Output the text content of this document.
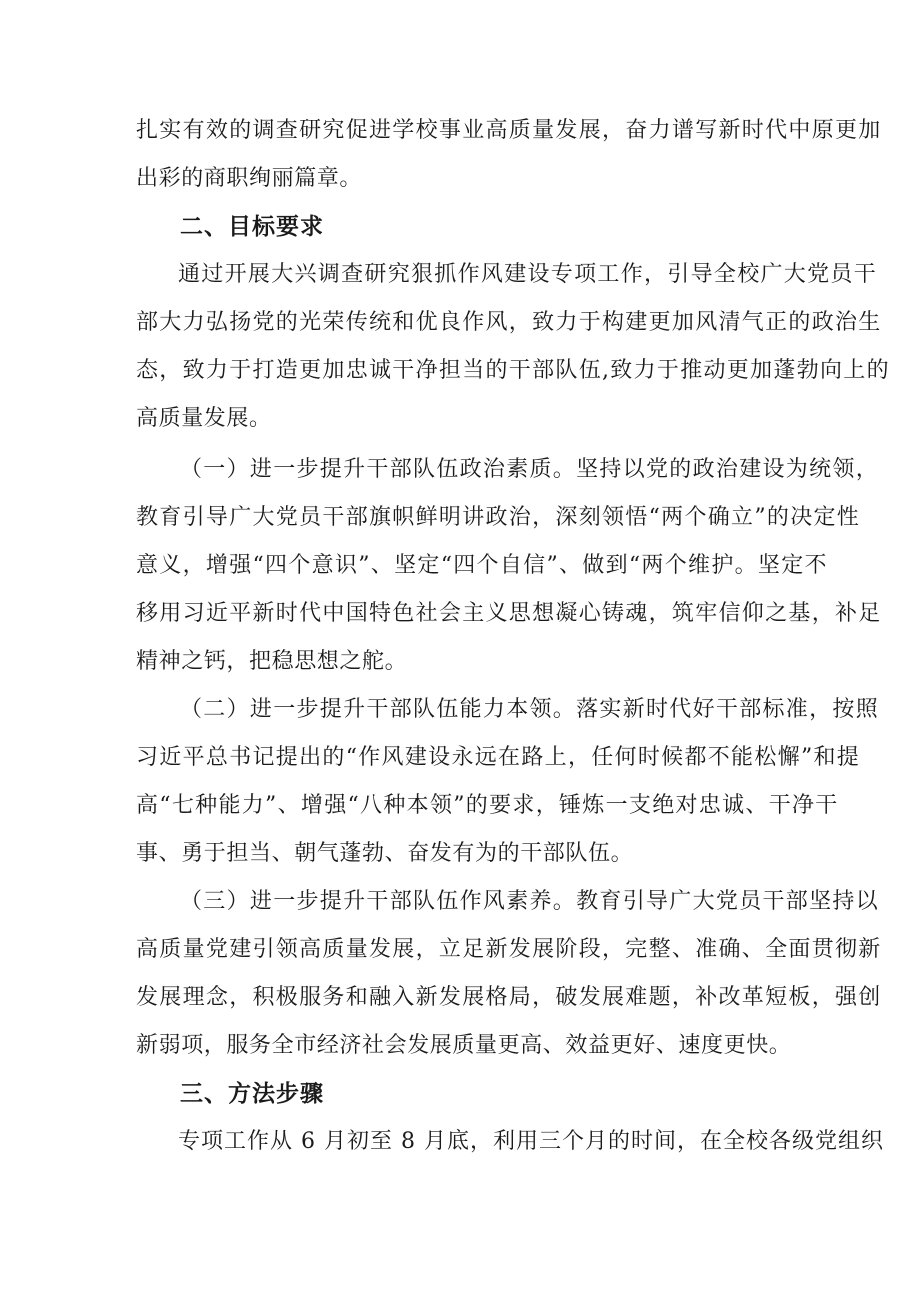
扎实有效的调查研究促进学校事业高质量发展，奋力谱写新时代中原更加
出彩的商职绚丽篇章。
二、目标要求
通过开展大兴调查研究狠抓作风建设专项工作，引导全校广大党员干
部大力弘扬党的光荣传统和优良作风，致力于构建更加风清气正的政治生
态，致力于打造更加忠诚干净担当的干部队伍,致力于推动更加蓬勃向上的
高质量发展。
（一）进一步提升干部队伍政治素质。坚持以党的政治建设为统领，
教育引导广大党员干部旗帜鲜明讲政治，深刻领悟“两个确立”的决定性
意义，增强“四个意识”、坚定“四个自信”、做到“两个维护。坚定不
移用习近平新时代中国特色社会主义思想凝心铸魂，筑牢信仰之基，补足
精神之钙，把稳思想之舵。
（二）进一步提升干部队伍能力本领。落实新时代好干部标准，按照
习近平总书记提出的“作风建设永远在路上，任何时候都不能松懈”和提
高“七种能力”、增强“八种本领”的要求，锤炼一支绝对忠诚、干净干
事、勇于担当、朝气蓬勃、奋发有为的干部队伍。
（三）进一步提升干部队伍作风素养。教育引导广大党员干部坚持以
高质量党建引领高质量发展，立足新发展阶段，完整、准确、全面贯彻新
发展理念，积极服务和融入新发展格局，破发展难题，补改革短板，强创
新弱项，服务全市经济社会发展质量更高、效益更好、速度更快。
三、方法步骤
专项工作从 6 月初至 8 月底，利用三个月的时间，在全校各级党组织
